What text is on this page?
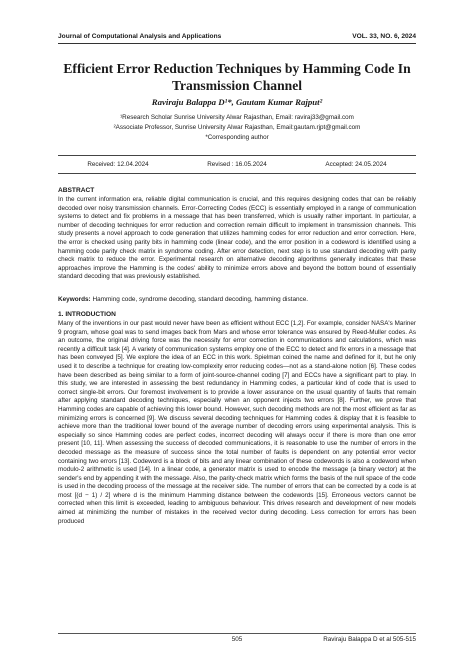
Journal of Computational Analysis and Applications	VOL. 33, NO. 6, 2024
Efficient Error Reduction Techniques by Hamming Code In Transmission Channel
Raviraju Balappa D¹*, Gautam Kumar Rajput²
¹Research Scholar Sunrise University Alwar Rajasthan, Email: raviraj33@gmail.com
²Associate Professor, Sunrise University Alwar Rajasthan, Email:gautam.rjpt@gmail.com
*Corresponding author
Received: 12.04.2024	Revised : 16.05.2024	Accepted: 24.05.2024
ABSTRACT
In the current information era, reliable digital communication is crucial, and this requires designing codes that can be reliably decoded over noisy transmission channels. Error-Correcting Codes (ECC) is essentially employed in a range of communication systems to detect and fix problems in a message that has been transferred, which is usually rather important. In particular, a number of decoding techniques for error reduction and correction remain difficult to implement in transmission channels. This study presents a novel approach to code generation that utilizes hamming codes for error reduction and error correction. Here, the error is checked using parity bits in hamming code (linear code), and the error position in a codeword is identified using a hamming code parity check matrix in syndrome coding. After error detection, next step is to use standard decoding with parity check matrix to reduce the error. Experimental research on alternative decoding algorithms generally indicates that these approaches improve the Hamming is the codes' ability to minimize errors above and beyond the bottom bound of essentially standard decoding that was previously established.
Keywords: Hamming code, syndrome decoding, standard decoding, hamming distance.
1. INTRODUCTION
Many of the inventions in our past would never have been as efficient without ECC [1,2]. For example, consider NASA's Mariner 9 program, whose goal was to send images back from Mars and whose error tolerance was ensured by Reed-Muller codes. As an outcome, the original driving force was the necessity for error correction in communications and calculations, which was recently a difficult task [4]. A variety of communication systems employ one of the ECC to detect and fix errors in a message that has been conveyed [5]. We explore the idea of an ECC in this work. Spielman coined the name and defined for it, but he only used it to describe a technique for creating low-complexity error reducing codes—not as a stand-alone notion [6]. These codes have been described as being similar to a form of joint-source-channel coding [7] and ECCs have a significant part to play. In this study, we are interested in assessing the best redundancy in Hamming codes, a particular kind of code that is used to correct single-bit errors. Our foremost involvement is to provide a lower assurance on the usual quantity of faults that remain after applying standard decoding techniques, especially when an opponent injects two errors [8]. Further, we prove that Hamming codes are capable of achieving this lower bound. However, such decoding methods are not the most efficient as far as minimizing errors is concerned [9]. We discuss several decoding techniques for Hamming codes & display that it is feasible to achieve more than the traditional lower bound of the average number of decoding errors using experimental analysis. This is especially so since Hamming codes are perfect codes, incorrect decoding will always occur if there is more than one error present [10, 11]. When assessing the success of decoded communications, it is reasonable to use the number of errors in the decoded message as the measure of success since the total number of faults is dependent on any potential error vector containing two errors [13]. Codeword is a block of bits and any linear combination of these codewords is also a codeword when modulo-2 arithmetic is used [14]. In a linear code, a generator matrix is used to encode the message (a binary vector) at the sender's end by appending it with the message. Also, the parity-check matrix which forms the basis of the null space of the code is used in the decoding process of the message at the receiver side. The number of errors that can be corrected by a code is at most [(d − 1) / 2] where d is the minimum Hamming distance between the codewords [15]. Erroneous vectors cannot be corrected when this limit is exceeded, leading to ambiguous behaviour. This drives research and development of new models aimed at minimizing the number of mistakes in the received vector during decoding. Less correction for errors has been produced
505	Raviraju Balappa D et al 505-515
